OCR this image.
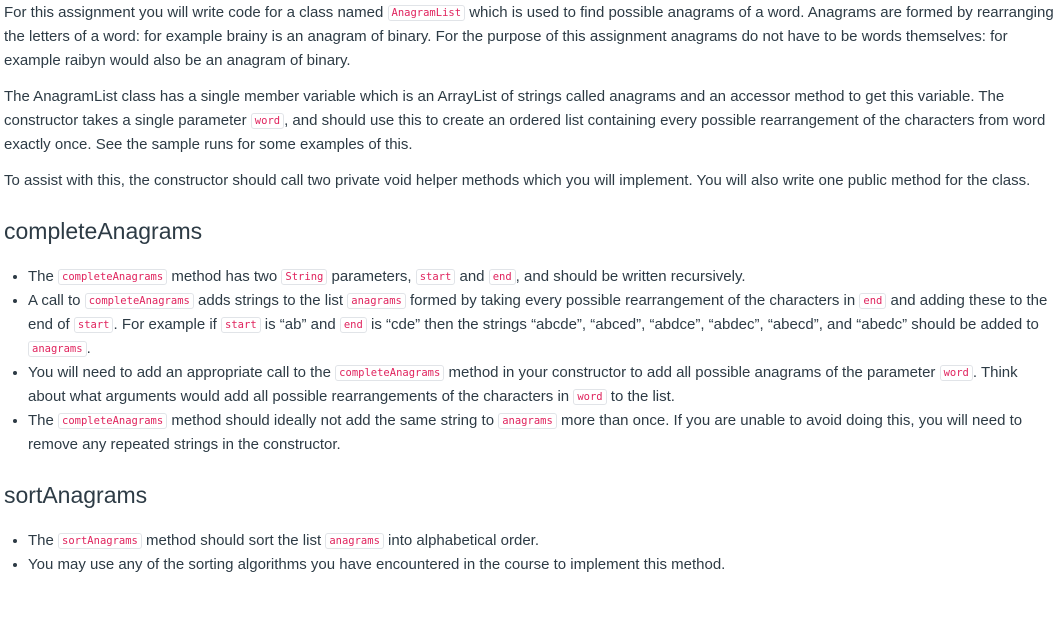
For this assignment you will write code for a class named AnagramList which is used to find possible anagrams of a word. Anagrams are formed by rearranging the letters of a word: for example brainy is an anagram of binary. For the purpose of this assignment anagrams do not have to be words themselves: for example raibyn would also be an anagram of binary.

The AnagramList class has a single member variable which is an ArrayList of strings called anagrams and an accessor method to get this variable. The constructor takes a single parameter word , and should use this to create an ordered list containing every possible rearrangement of the characters from word exactly once. See the sample runs for some examples of this.

To assist with this, the constructor should call two private void helper methods which you will implement. You will also write one public method for the class.

completeAnagrams
• The completeAnagrams method has two String parameters, start and end , and should be written recursively.
• A call to completeAnagrams adds strings to the list anagrams formed by taking every possible rearrangement of the characters in end and adding these to the end of start . For example if start is “ab” and end is “cde” then the strings “abcde”, “abced”, “abdce”, “abdec”, “abecd”, and “abedc” should be added to anagrams .
• You will need to add an appropriate call to the completeAnagrams method in your constructor to add all possible anagrams of the parameter word . Think about what arguments would add all possible rearrangements of the characters in word to the list.
• The completeAnagrams method should ideally not add the same string to anagrams more than once. If you are unable to avoid doing this, you will need to remove any repeated strings in the constructor.
sortAnagrams
• The sortAnagrams method should sort the list anagrams into alphabetical order.
• You may use any of the sorting algorithms you have encountered in the course to implement this method.
